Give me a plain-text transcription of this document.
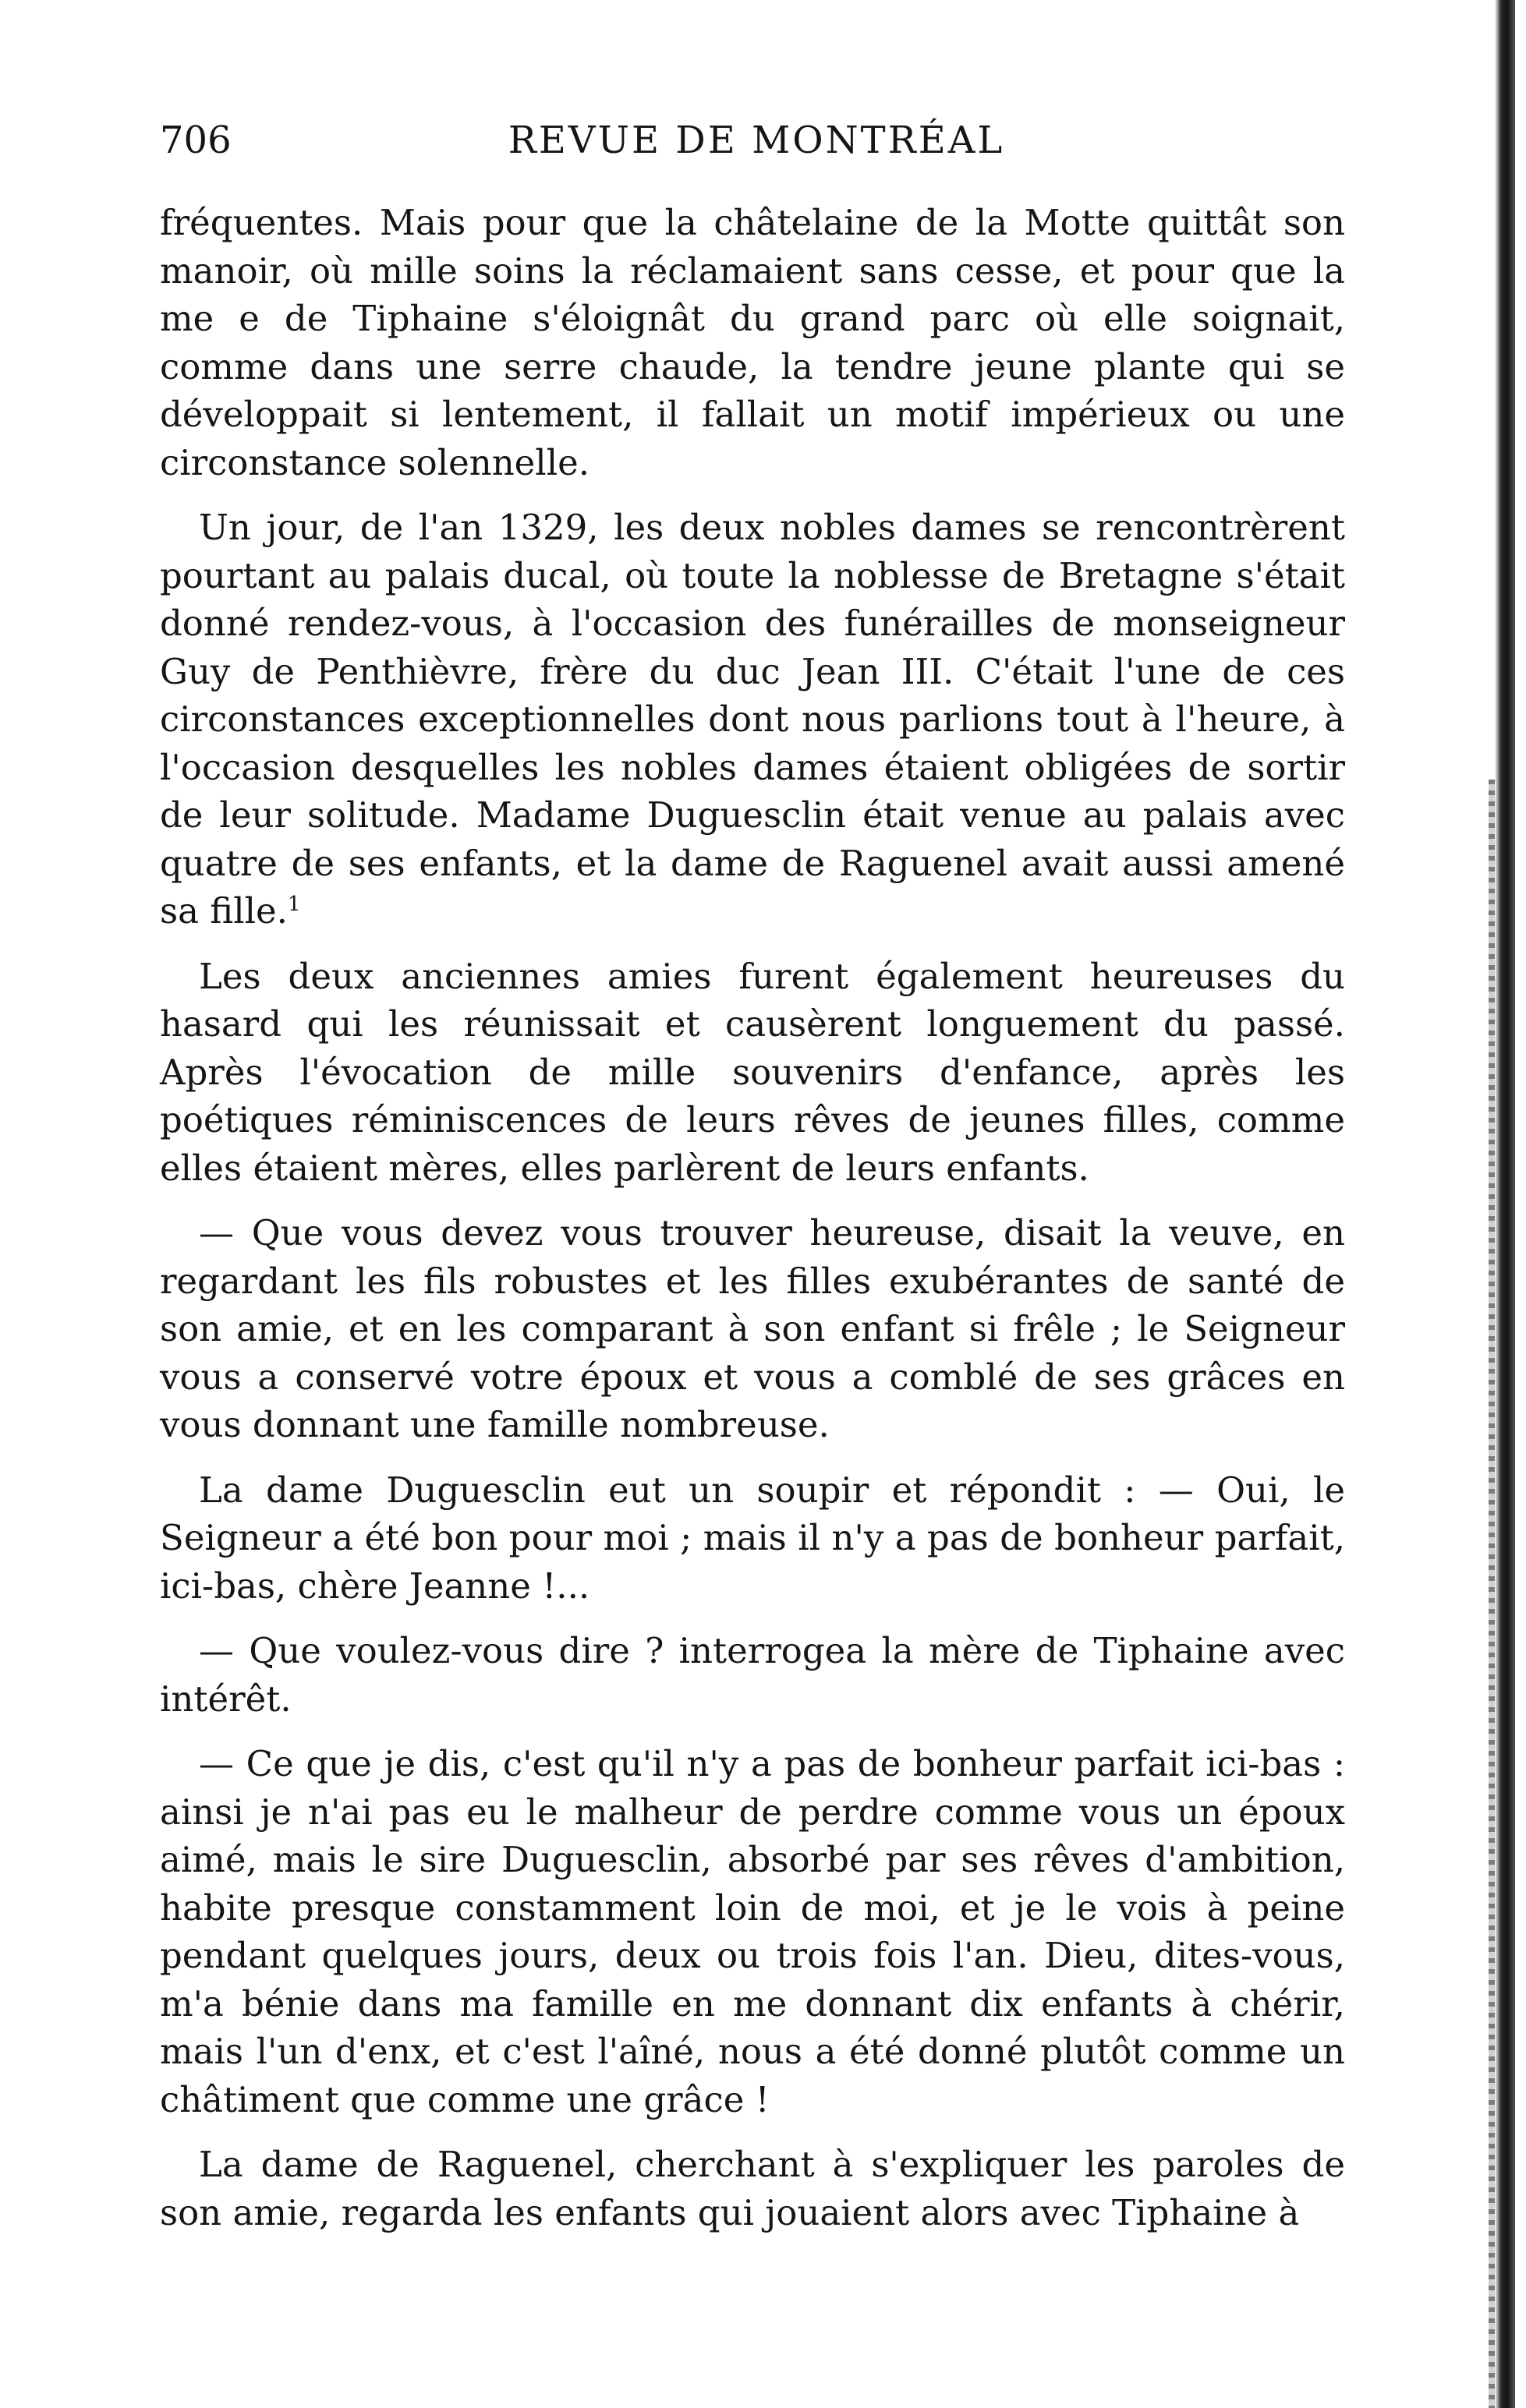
706	REVUE DE MONTRÉAL

fréquentes. Mais pour que la châtelaine de la Motte quittât son manoir, où mille soins la réclamaient sans cesse, et pour que la me e de Tiphaine s'éloignât du grand parc où elle soignait, comme dans une serre chaude, la tendre jeune plante qui se développait si lentement, il fallait un motif impérieux ou une circonstance solennelle.

Un jour, de l'an 1329, les deux nobles dames se rencontrèrent pourtant au palais ducal, où toute la noblesse de Bretagne s'était donné rendez-vous, à l'occasion des funérailles de monseigneur Guy de Penthièvre, frère du duc Jean III. C'était l'une de ces circonstances exceptionnelles dont nous parlions tout à l'heure, à l'occasion desquelles les nobles dames étaient obligées de sortir de leur solitude. Madame Duguesclin était venue au palais avec quatre de ses enfants, et la dame de Raguenel avait aussi amené sa fille.$^1$

Les deux anciennes amies furent également heureuses du hasard qui les réunissait et causèrent longuement du passé. Après l'évocation de mille souvenirs d'enfance, après les poétiques réminiscences de leurs rêves de jeunes filles, comme elles étaient mères, elles parlèrent de leurs enfants.

— Que vous devez vous trouver heureuse, disait la veuve, en regardant les fils robustes et les filles exubérantes de santé de son amie, et en les comparant à son enfant si frêle ; le Seigneur vous a conservé votre époux et vous a comblé de ses grâces en vous donnant une famille nombreuse.

La dame Duguesclin eut un soupir et répondit : — Oui, le Seigneur a été bon pour moi ; mais il n'y a pas de bonheur parfait, ici-bas, chère Jeanne !...

— Que voulez-vous dire ? interrogea la mère de Tiphaine avec intérêt.

— Ce que je dis, c'est qu'il n'y a pas de bonheur parfait ici-bas : ainsi je n'ai pas eu le malheur de perdre comme vous un époux aimé, mais le sire Duguesclin, absorbé par ses rêves d'ambition, habite presque constamment loin de moi, et je le vois à peine pendant quelques jours, deux ou trois fois l'an. Dieu, dites-vous, m'a bénie dans ma famille en me donnant dix enfants à chérir, mais l'un d'enx, et c'est l'aîné, nous a été donné plutôt comme un châtiment que comme une grâce !

La dame de Raguenel, cherchant à s'expliquer les paroles de son amie, regarda les enfants qui jouaient alors avec Tiphaine à
